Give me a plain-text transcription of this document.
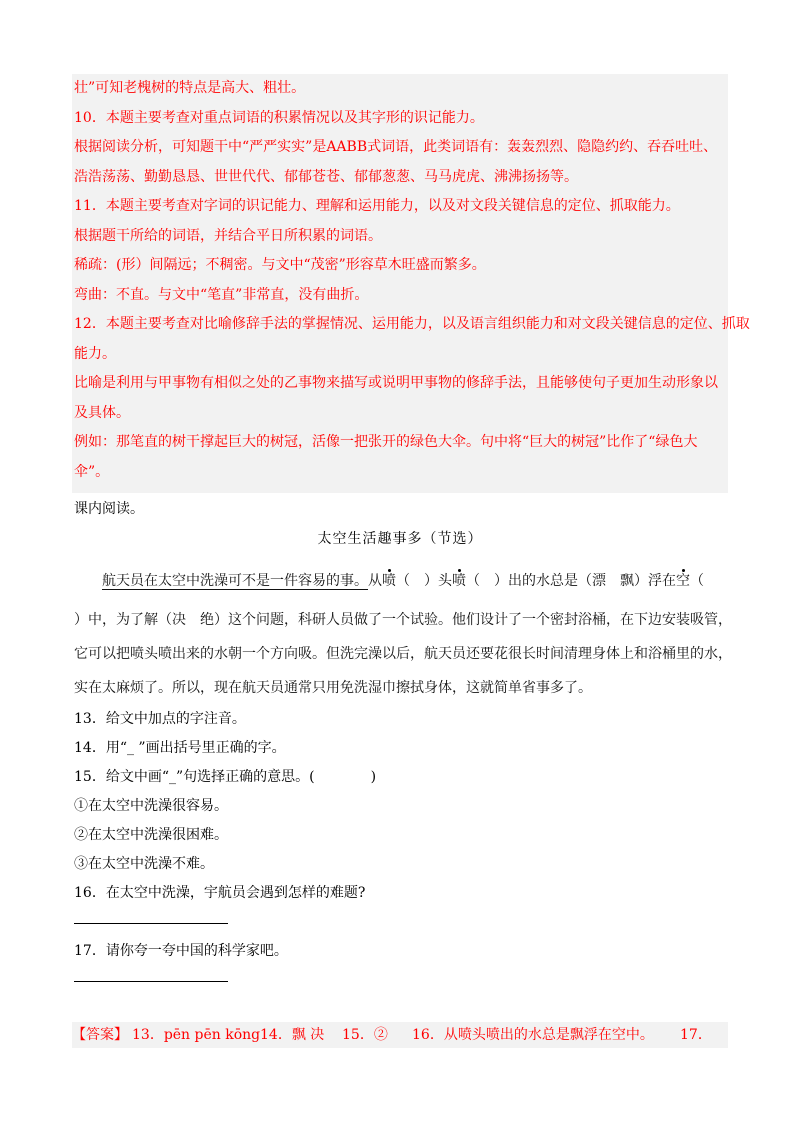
壮”可知老槐树的特点是高大、粗壮。
10．本题主要考查对重点词语的积累情况以及其字形的识记能力。
根据阅读分析，可知题干中“严严实实”是AABB式词语，此类词语有：轰轰烈烈、隐隐约约、吞吞吐吐、
浩浩荡荡、勤勤恳恳、世世代代、郁郁苍苍、郁郁葱葱、马马虎虎、沸沸扬扬等。
11．本题主要考查对字词的识记能力、理解和运用能力，以及对文段关键信息的定位、抓取能力。
根据题干所给的词语，并结合平日所积累的词语。
稀疏：(形）间隔远；不稠密。与文中“茂密”形容草木旺盛而繁多。
弯曲：不直。与文中“笔直”非常直，没有曲折。
12．本题主要考查对比喻修辞手法的掌握情况、运用能力，以及语言组织能力和对文段关键信息的定位、抓取
能力。
比喻是利用与甲事物有相似之处的乙事物来描写或说明甲事物的修辞手法，且能够使句子更加生动形象以
及具体。
例如：那笔直的树干撑起巨大的树冠，活像一把张开的绿色大伞。句中将“巨大的树冠”比作了“绿色大
伞”。
课内阅读。
太空生活趣事多（节选）
航天员在太空中洗澡可不是一件容易的事。从喷（　）头喷（　）出的水总是（漂　飘）浮在空（
）中，为了解（决　绝）这个问题，科研人员做了一个试验。他们设计了一个密封浴桶，在下边安装吸管，
它可以把喷头喷出来的水朝一个方向吸。但洗完澡以后，航天员还要花很长时间清理身体上和浴桶里的水，
实在太麻烦了。所以，现在航天员通常只用免洗湿巾擦拭身体，这就简单省事多了。
13．给文中加点的字注音。
14．用“_ ”画出括号里正确的字。
15．给文中画“_”句选择正确的意思。(　　　　)
①在太空中洗澡很容易。
②在太空中洗澡很困难。
③在太空中洗澡不难。
16．在太空中洗澡，宇航员会遇到怎样的难题?
17．请你夸一夸中国的科学家吧。
【答案】 13．pēn pēn kōng14．飘 决 15．② 16．从喷头喷出的水总是飘浮在空中。 17．
